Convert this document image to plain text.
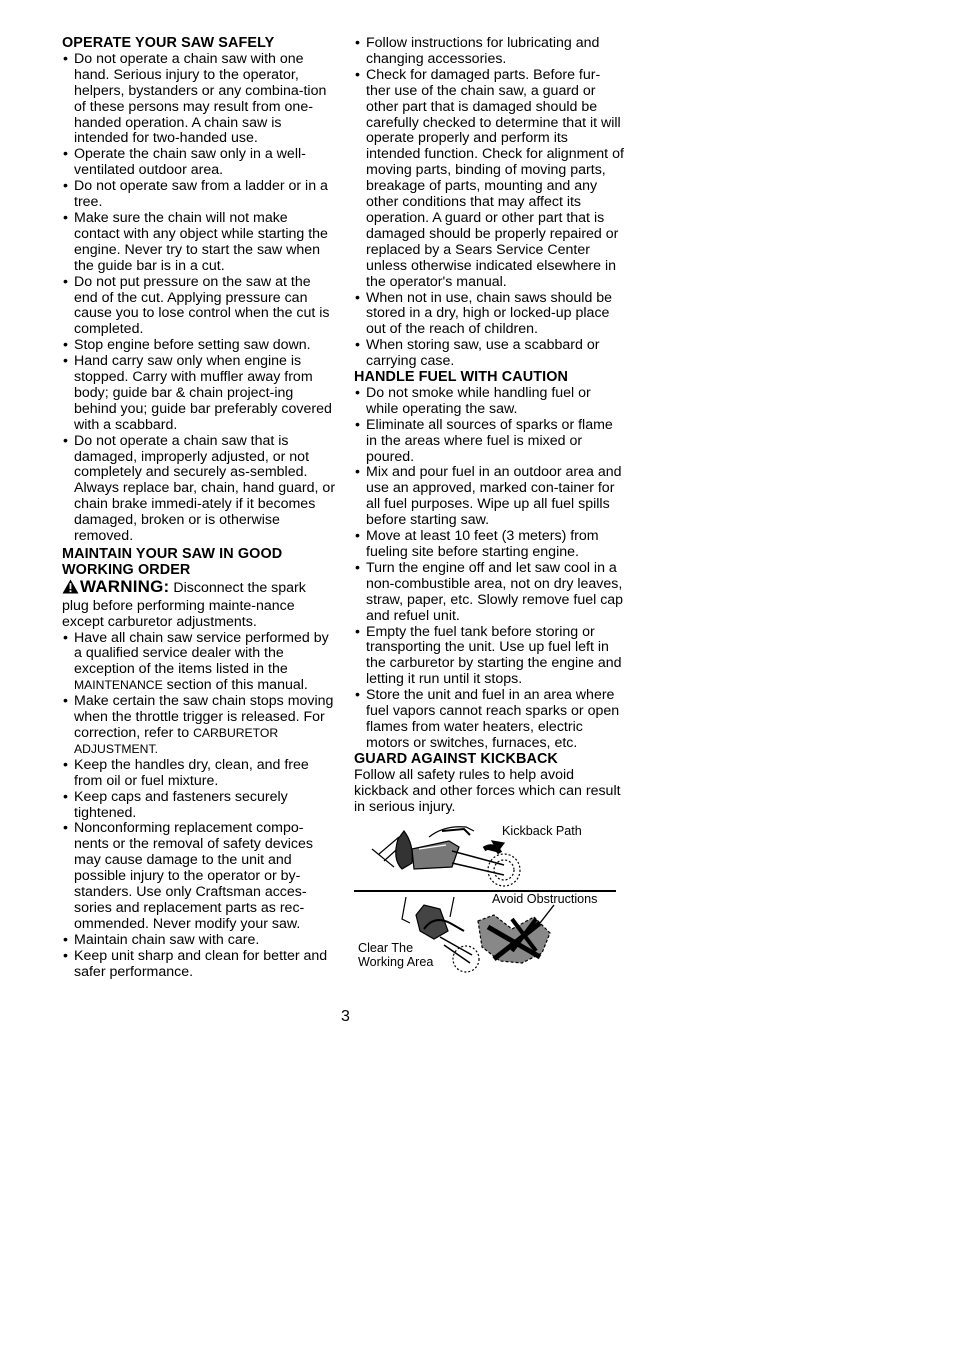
OPERATE YOUR SAW SAFELY
• Do not operate a chain saw with one hand. Serious injury to the operator, helpers, bystanders or any combina-tion of these persons may result from one-handed operation. A chain saw is intended for two-handed use.
• Operate the chain saw only in a well-ventilated outdoor area.
• Do not operate saw from a ladder or in a tree.
• Make sure the chain will not make contact with any object while starting the engine. Never try to start the saw when the guide bar is in a cut.
• Do not put pressure on the saw at the end of the cut. Applying pressure can cause you to lose control when the cut is completed.
• Stop engine before setting saw down.
• Hand carry saw only when engine is stopped. Carry with muffler away from body; guide bar & chain project-ing behind you; guide bar preferably covered with a scabbard.
• Do not operate a chain saw that is damaged, improperly adjusted, or not completely and securely as-sembled. Always replace bar, chain, hand guard, or chain brake immedi-ately if it becomes damaged, broken or is otherwise removed.
MAINTAIN YOUR SAW IN GOOD WORKING ORDER

WARNING: Disconnect the spark plug before performing mainte-nance except carburetor adjustments.

• Have all chain saw service performed by a qualified service dealer with the exception of the items listed in the MAINTENANCE section of this manual.
• Make certain the saw chain stops moving when the throttle trigger is released. For correction, refer to CARBURETOR ADJUSTMENT.
• Keep the handles dry, clean, and free from oil or fuel mixture.
• Keep caps and fasteners securely tightened.
• Nonconforming replacement compo-nents or the removal of safety devices may cause damage to the unit and possible injury to the operator or by-standers. Use only Craftsman acces-sories and replacement parts as rec-ommended. Never modify your saw.
• Maintain chain saw with care.
• Keep unit sharp and clean for better and safer performance.
• Follow instructions for lubricating and changing accessories.
• Check for damaged parts. Before fur-ther use of the chain saw, a guard or other part that is damaged should be carefully checked to determine that it will operate properly and perform its intended function. Check for alignment of moving parts, binding of moving parts, breakage of parts, mounting and any other conditions that may affect its operation. A guard or other part that is damaged should be properly repaired or replaced by a Sears Service Center unless otherwise indicated elsewhere in the operator's manual.
• When not in use, chain saws should be stored in a dry, high or locked-up place out of the reach of children.
• When storing saw, use a scabbard or carrying case.
HANDLE FUEL WITH CAUTION
• Do not smoke while handling fuel or while operating the saw.
• Eliminate all sources of sparks or flame in the areas where fuel is mixed or poured.
• Mix and pour fuel in an outdoor area and use an approved, marked con-tainer for all fuel purposes. Wipe up all fuel spills before starting saw.
• Move at least 10 feet (3 meters) from fueling site before starting engine.
• Turn the engine off and let saw cool in a non-combustible area, not on dry leaves, straw, paper, etc. Slowly remove fuel cap and refuel unit.
• Empty the fuel tank before storing or transporting the unit. Use up fuel left in the carburetor by starting the engine and letting it run until it stops.
• Store the unit and fuel in an area where fuel vapors cannot reach sparks or open flames from water heaters, electric motors or switches, furnaces, etc.
GUARD AGAINST KICKBACK

Follow all safety rules to help avoid kickback and other forces which can result in serious injury.

Kickback Path
Avoid Obstructions
Clear The
Working Area
3
